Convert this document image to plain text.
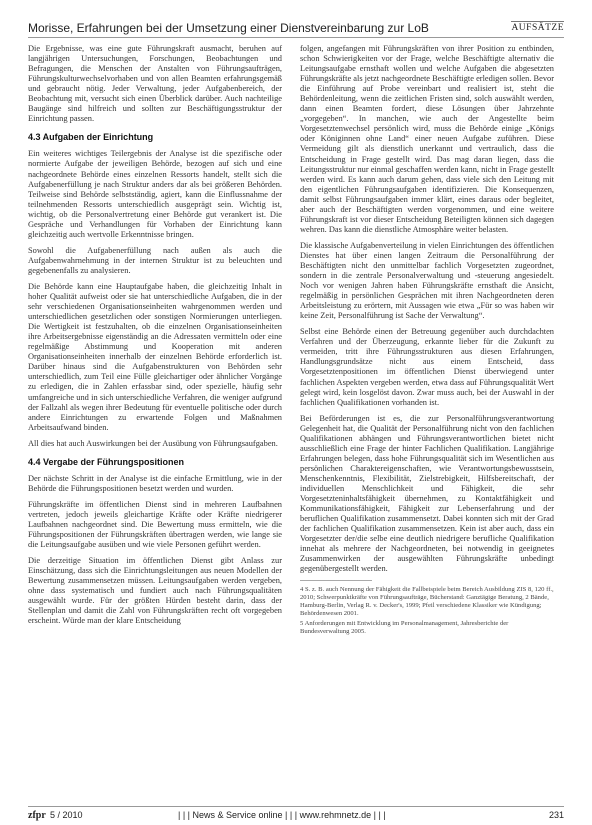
Morisse, Erfahrungen bei der Umsetzung einer Dienstvereinbarung zur LoB	AUFSÄTZE

Die Ergebnisse, was eine gute Führungskraft ausmacht, beruhen auf langjährigen Untersuchungen, Forschungen, Beobachtungen und Befragungen, die Menschen der Anstalten von Führungsaufträgen, Führungskulturwechselvorhaben und von allen Beamten erfahrungsgemäß und gebraucht nötig. Jeder Verwaltung, jeder Aufgabenbereich, der Beobachtung mit, versucht sich einen Überblick darüber. Auch nachteilige Baugänge sind hilfreich und sollten zur Beschäftigungsstruktur der Einrichtung passen.

4.3 Aufgaben der Einrichtung

Ein weiteres wichtiges Teilergebnis der Analyse ist die spezifische oder normierte Aufgabe der jeweiligen Behörde, bezogen auf sich und eine nachgeordnete Behörde eines einzelnen Ressorts handelt, stellt sich die Aufgabenerfüllung je nach Struktur anders dar als bei größeren Behörden. Teilweise sind Behörde selbstständig, agiert, kann die Einflussnahme der teilnehmenden Ressorts unterschiedlich ausgeprägt sein. Wichtig ist, wichtig, ob die Personalvertretung einer Behörde gut verankert ist. Die Gespräche und Verhandlungen für Vorhaben der Einrichtung kann gleichzeitig auch wertvolle Erkenntnisse bringen.

Sowohl die Aufgabenerfüllung nach außen als auch die Aufgabenwahrnehmung in der internen Struktur ist zu beleuchten und gegebenenfalls zu analysieren.

Die Behörde kann eine Hauptaufgabe haben, die gleichzeitig Inhalt in hoher Qualität aufweist oder sie hat unterschiedliche Aufgaben, die in der sehr verschiedenen Organisationseinheiten wahrgenommen werden und unterschiedlichen gesetzlichen oder sonstigen Normierungen unterliegen. Die Wertigkeit ist festzuhalten, ob die einzelnen Organisationseinheiten ihre Arbeitsergebnisse eigenständig an die Adressaten vermitteln oder eine regelmäßige Abstimmung und Kooperation mit anderen Organisationseinheiten innerhalb der einzelnen Behörde erforderlich ist. Darüber hinaus sind die Aufgabenstrukturen von Behörden sehr unterschiedlich, zum Teil eine Fülle gleichartiger oder ähnlicher Vorgänge zu erledigen, die in Zahlen erfassbar sind, oder spezielle, häufig sehr umfangreiche und in sich unterschiedliche Verfahren, die weniger aufgrund der Fallzahl als wegen ihrer Bedeutung für eventuelle politische oder durch andere Einrichtungen zu erwartende Folgen und Maßnahmen Arbeitsaufwand binden.

All dies hat auch Auswirkungen bei der Ausübung von Führungsaufgaben.

4.4 Vergabe der Führungspositionen

Der nächste Schritt in der Analyse ist die einfache Ermittlung, wie in der Behörde die Führungspositionen besetzt werden und wurden.

Führungskräfte im öffentlichen Dienst sind in mehreren Laufbahnen vertreten, jedoch jeweils gleichartige Kräfte oder Kräfte niedrigerer Laufbahnen nachgeordnet sind. Die Bewertung muss ermitteln, wie die Führungspositionen der Führungskräften übertragen werden, wie lange sie die Leitungsaufgabe ausüben und wie viele Personen geführt werden.

Die derzeitige Situation im öffentlichen Dienst gibt Anlass zur Einschätzung, dass sich die Einrichtungsleitungen aus neuen Modellen der Bewertung zusammensetzen müssen. Leitungsaufgaben werden vergeben, ohne dass systematisch und fundiert auch nach Führungsqualitäten ausgewählt wurde. Für der größten Hürden besteht darin, dass der Stellenplan und damit die Zahl von Führungskräften recht oft vorgegeben erscheint. Würde man der klare Entscheidung

folgen, angefangen mit Führungskräften von ihrer Position zu entbinden, schon Schwierigkeiten vor der Frage, welche Beschäftigte alternativ die Leitungsaufgabe ernsthaft wollen und welche Aufgaben die abgesetzten Führungskräfte als jetzt nachgeordnete Beschäftigte erledigen sollen. Bevor die Einführung auf Probe vereinbart und realisiert ist, steht die Behördenleitung, wenn die zeitlichen Fristen sind, solch auswählt werden, dann einen Beamten fordert, diese Lösungen über Jahrzehnte „vorgegeben“. In manchen, wie auch der Angestellte beim Vorgesetztenwechsel persönlich wird, muss die Behörde einige „Königs oder Königinnen ohne Land“ einer neuen Aufgabe zuführen. Diese Vermeidung gilt als dienstlich unerkannt und vertraulich, dass die Entscheidung in Frage gestellt wird. Das mag daran liegen, dass die Leitungsstruktur nur einmal geschaffen werden kann, nicht in Frage gestellt werden wird. Es kann auch darum gehen, dass viele sich den Leitung mit den eigentlichen Führungsaufgaben identifizieren. Die Konsequenzen, damit selbst Führungsaufgaben immer klärt, eines daraus oder begleitet, aber auch der Beschäftigten werden vorgenommen, und eine weitere Führungskraft ist vor dieser Entscheidung Beteiligten können sich dagegen wehren. Das kann die dienstliche Atmosphäre weiter belasten.

Die klassische Aufgabenverteilung in vielen Einrichtungen des öffentlichen Dienstes hat über einen langen Zeitraum die Personalführung der Beschäftigten nicht den unmittelbar fachlich Vorgesetzten zugeordnet, sondern in die zentrale Personalverwaltung und -steuerung angesiedelt. Noch vor wenigen Jahren haben Führungskräfte ernsthaft die Ansicht, regelmäßig in persönlichen Gesprächen mit ihren Nachgeordneten deren Arbeitsleistung zu erörtern, mit Aussagen wie etwa „Für so was haben wir keine Zeit, Personalführung ist Sache der Verwaltung“.

Selbst eine Behörde einen der Betreuung gegenüber auch durchdachten Verfahren und der Überzeugung, erkannte lieber für die Zukunft zu vermeiden, tritt ihre Führungsstrukturen aus diesen Erfahrungen, Handlungsgrundsätze nicht aus einem Entscheid, dass Vorgesetztenpositionen im öffentlichen Dienst überwiegend unter fachlichen Aspekten vergeben werden, etwa dass auf Führungsqualität Wert gelegt wird, kein losgelöst davon. Zwar muss auch, bei der Auswahl in der fachlichen Qualifikationen vorhanden ist.

Bei Beförderungen ist es, die zur Personalführungsverantwortung Gelegenheit hat, die Qualität der Personalführung nicht von den fachlichen Qualifikationen abhängen und Führungsverantwortlichen bietet nicht ausschließlich eine Frage der hinter Fachlichen Qualifikation. Langjährige Erfahrungen belegen, dass hohe Führungsqualität sich im Wesentlichen aus persönlichen Charaktereigenschaften, wie Verantwortungsbewusstsein, Menschenkenntnis, Flexibilität, Zielstrebigkeit, Hilfsbereitschaft, der individuellen Menschlichkeit und Fähigkeit, die sehr Vorgesetzteninhaltsfähigkeit übernehmen, zu Kontaktfähigkeit und Kommunikationsfähigkeit, Fähigkeit zur Lebenserfahrung und der beruflichen Qualifikation zusammensetzt. Dabei konnten sich mit der Grad der fachlichen Qualifikation zusammensetzen. Kein ist aber auch, dass ein Vorgesetzter der/die selbe eine deutlich niedrigere berufliche Qualifikation innehat als mehrere der Nachgeordneten, bei notwendig in geeignetes Zusammenwirken der ausgewählten Führungskräfte unbedingt gegenübergestellt werden.

4 S. z. B. auch Nennung der Fähigkeit die Fallbeispiele beim Bereich Ausbildung ZIS 8, 120 ff., 2010; Schwerpunktkräfte von Führungsaufträge, Bücherstand: Ganztägige Beratung, 2 Bände, Hamburg-Berlin, Verlag R. v. Decker's, 1999; Pfeil verschiedene Klassiker wie Kündigung; Behördenwesen 2001.
5 Anforderungen mit Entwicklung im Personalmanagement, Jahresberichte der Bundesverwaltung 2005.
zfpr 5 / 2010	| | | News & Service online | | | www.rehmnetz.de | | |	231
